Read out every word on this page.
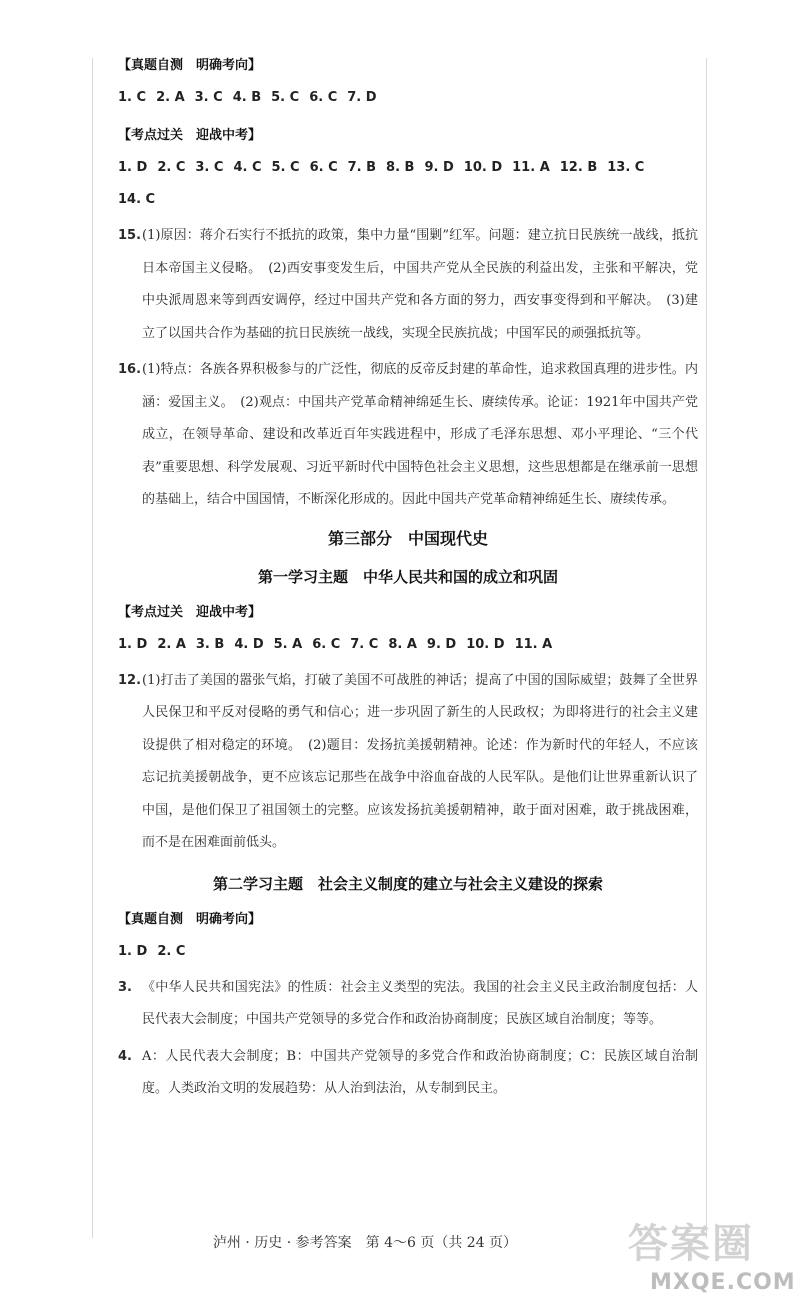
【真题自测　明确考向】
1. C 2. A 3. C 4. B 5. C 6. C 7. D
【考点过关　迎战中考】
1. D 2. C 3. C 4. C 5. C 6. C 7. B 8. B 9. D 10. D 11. A 12. B 13. C
14. C
15. (1)原因：蒋介石实行不抵抗的政策，集中力量“围剿”红军。问题：建立抗日民族统一战线，抵抗日本帝国主义侵略。　(2)西安事变发生后，中国共产党从全民族的利益出发，主张和平解决，党中央派周恩来等到西安调停，经过中国共产党和各方面的努力，西安事变得到和平解决。　(3)建立了以国共合作为基础的抗日民族统一战线，实现全民族抗战；中国军民的顽强抵抗等。
16. (1)特点：各族各界积极参与的广泛性，彻底的反帝反封建的革命性，追求救国真理的进步性。内涵：爱国主义。　(2)观点：中国共产党革命精神绵延生长、赓续传承。论证：1921年中国共产党成立，在领导革命、建设和改革近百年实践进程中，形成了毛泽东思想、邓小平理论、“三个代表”重要思想、科学发展观、习近平新时代中国特色社会主义思想，这些思想都是在继承前一思想的基础上，结合中国国情，不断深化形成的。因此中国共产党革命精神绵延生长、赓续传承。
第三部分　中国现代史
第一学习主题　中华人民共和国的成立和巩固
【考点过关　迎战中考】
1. D 2. A 3. B 4. D 5. A 6. C 7. C 8. A 9. D 10. D 11. A
12. (1)打击了美国的嚣张气焰，打破了美国不可战胜的神话；提高了中国的国际威望；鼓舞了全世界人民保卫和平反对侵略的勇气和信心；进一步巩固了新生的人民政权；为即将进行的社会主义建设提供了相对稳定的环境。　(2)题目：发扬抗美援朝精神。论述：作为新时代的年轻人，不应该忘记抗美援朝战争，更不应该忘记那些在战争中浴血奋战的人民军队。是他们让世界重新认识了中国，是他们保卫了祖国领土的完整。应该发扬抗美援朝精神，敢于面对困难，敢于挑战困难，而不是在困难面前低头。
第二学习主题　社会主义制度的建立与社会主义建设的探索
【真题自测　明确考向】
1. D 2. C
3. 《中华人民共和国宪法》的性质：社会主义类型的宪法。我国的社会主义民主政治制度包括：人民代表大会制度；中国共产党领导的多党合作和政治协商制度；民族区域自治制度；等等。
4. A：人民代表大会制度；B：中国共产党领导的多党合作和政治协商制度；C：民族区域自治制度。人类政治文明的发展趋势：从人治到法治，从专制到民主。
泸州 · 历史 · 参考答案　第 4～6 页（共 24 页）	答案圈
MXQE.COM
